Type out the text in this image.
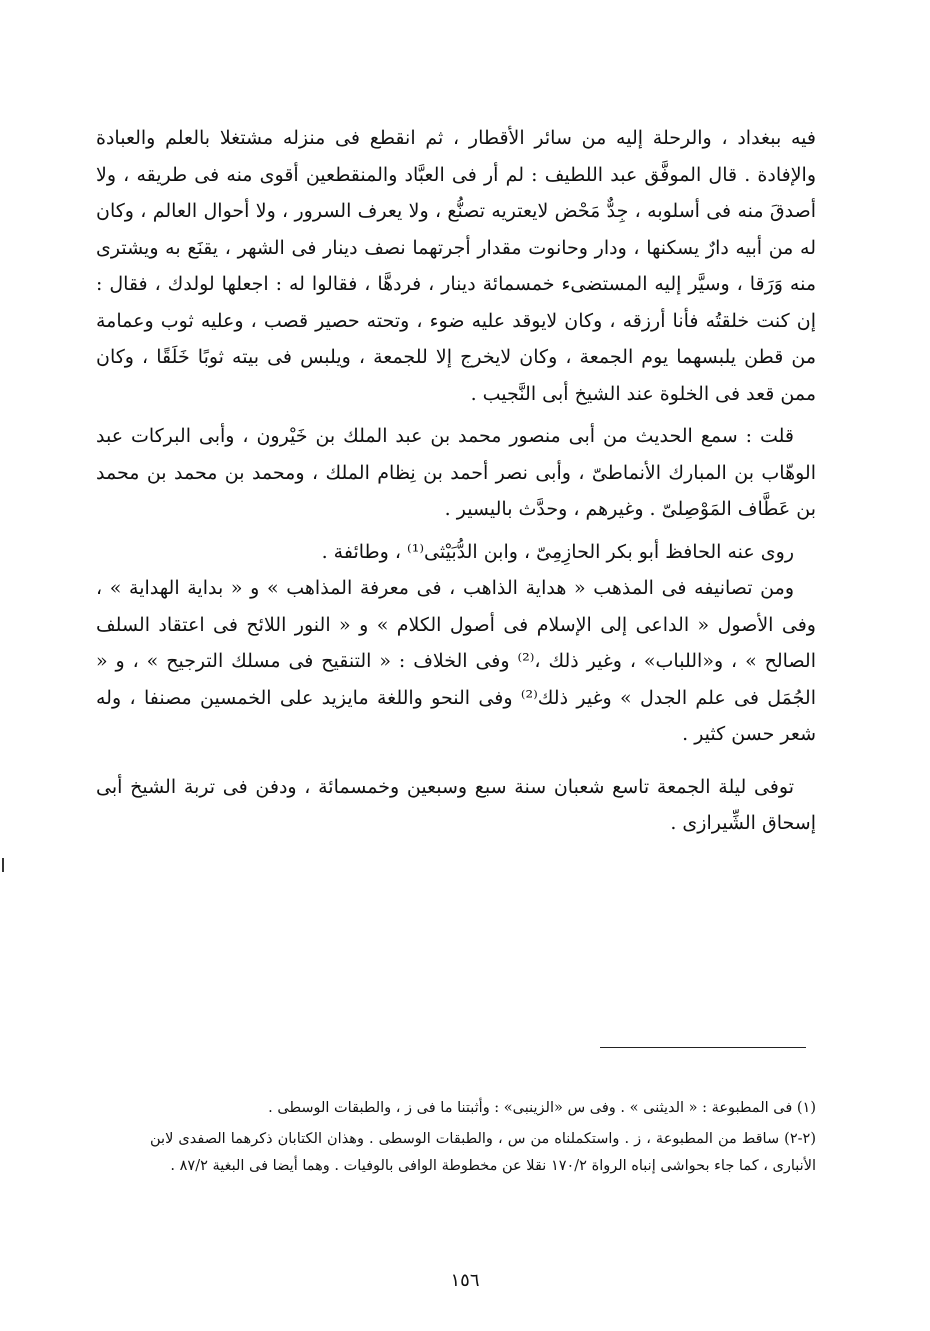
فيه ببغداد ، والرحلة إليه من سائر الأقطار ، ثم انقطع فى منزله مشتغلا بالعلم والعبادة والإفادة . قال الموفَّق عبد اللطيف : لم أر فى العبَّاد والمنقطعين أقوى منه فى طريقه ، ولا أصدقَ منه فى أسلوبه ، جِدٌّ مَحْض لايعتريه تصنُّع ، ولا يعرف السرور ، ولا أحوال العالم ، وكان له من أبيه دارٌ يسكنها ، ودار وحانوت مقدار أجرتهما نصف دينار فى الشهر ، يقنَع به ويشترى منه وَرَقا ، وسيَّر إليه المستضىء خمسمائة دينار ، فردهَّا ، فقالوا له : اجعلها لولدك ، فقال : إن كنت خلقتُه فأنا أرزقه ، وكان لايوقد عليه ضوء ، وتحته حصير قصب ، وعليه ثوب وعمامة من قطن يلبسهما يوم الجمعة ، وكان لايخرج إلا للجمعة ، ويلبس فى بيته ثوبًا خَلَقًا ، وكان ممن قعد فى الخلوة عند الشيخ أبى النَّجيب .

قلت : سمع الحديث من أبى منصور محمد بن عبد الملك بن خَيْرون ، وأبى البركات عبد الوهّاب بن المبارك الأنماطىّ ، وأبى نصر أحمد بن نِظام الملك ، ومحمد بن محمد بن محمد بن عَطَّاف المَوْصِلىّ . وغيرهم ، وحدَّث باليسير .

روى عنه الحافظ أبو بكر الحازِمِىّ ، وابن الدُّبَيْثى⁽¹⁾ ، وطائفة .

ومن تصانيفه فى المذهب « هداية الذاهب ، فى معرفة المذاهب » و « بداية الهداية » ، وفى الأصول « الداعى إلى الإسلام فى أصول الكلام » و « النور اللائح فى اعتقاد السلف الصالح » ، و«اللباب» ، وغير ذلك ،⁽²⁾ وفى الخلاف : « التنقيح فى مسلك الترجيح » ، و « الجُمَل فى علم الجدل » وغير ذلك⁽²⁾ وفى النحو واللغة مايزيد على الخمسين مصنفا ، وله شعر حسن كثير .

توفى ليلة الجمعة تاسع شعبان سنة سبع وسبعين وخمسمائة ، ودفن فى تربة الشيخ أبى إسحاق الشِّيرازى .

(١) فى المطبوعة : « الديثنى » . وفى س «الزينبى» : وأثبتنا ما فى ز ، والطبقات الوسطى .

(٢-٢) ساقط من المطبوعة ، ز . واستكملناه من س ، والطبقات الوسطى . وهذان الكتابان ذكرهما الصفدى لابن الأنبارى ، كما جاء بحواشى إنباه الرواة ١٧٠/٢ نقلا عن مخطوطة الوافى بالوفيات . وهما أيضا فى البغية ٨٧/٢ .

١٥٦
